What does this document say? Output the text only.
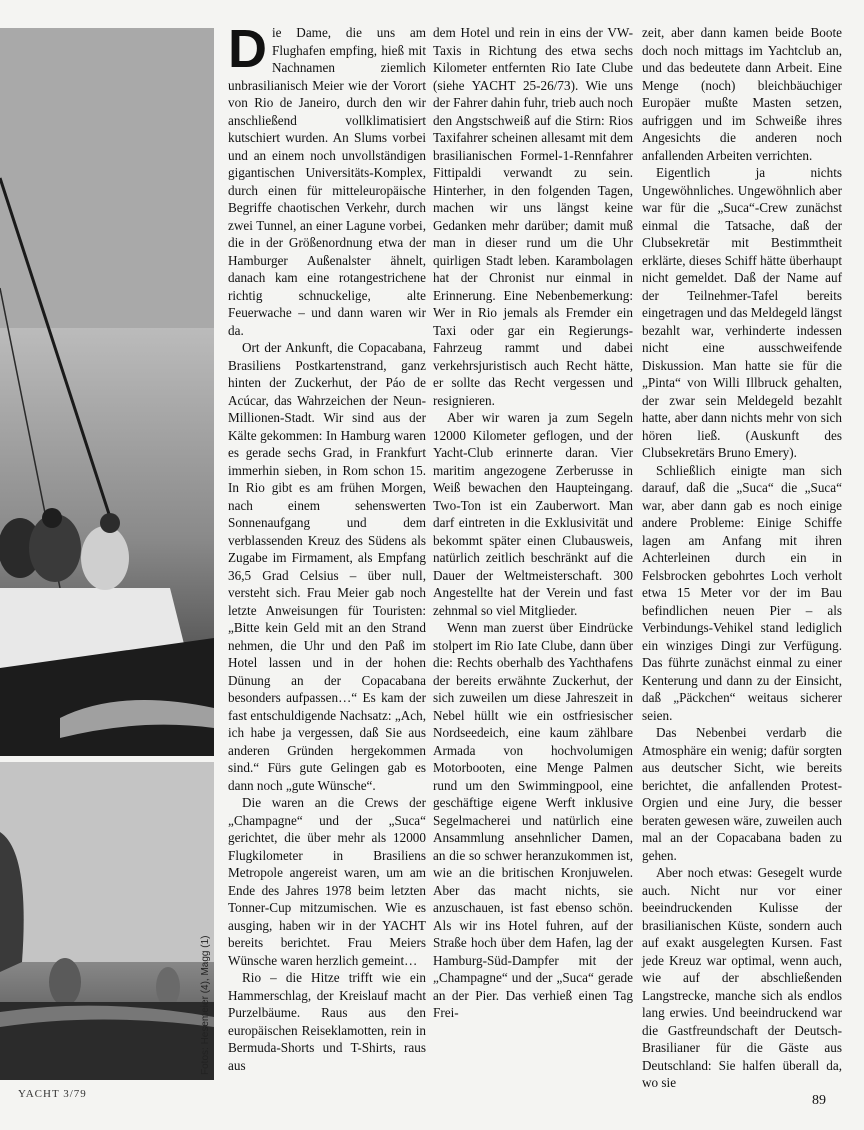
Fotos: Hesemeier (4), Magg (1)

Die Dame, die uns am Flughafen empfing, hieß mit Nachnamen ziemlich unbrasilianisch Meier wie der Vorort von Rio de Janeiro, durch den wir anschließend vollklimatisiert kutschiert wurden. An Slums vorbei und an einem noch unvollständigen gigantischen Universitäts-Komplex, durch einen für mitteleuropäische Begriffe chaotischen Verkehr, durch zwei Tunnel, an einer Lagune vorbei, die in der Größenordnung etwa der Hamburger Außenalster ähnelt, danach kam eine rotangestrichene richtig schnuckelige, alte Feuerwache – und dann waren wir da.

Ort der Ankunft, die Copacabana, Brasiliens Postkartenstrand, ganz hinten der Zuckerhut, der Páo de Acúcar, das Wahrzeichen der Neun-Millionen-Stadt. Wir sind aus der Kälte gekommen: In Hamburg waren es gerade sechs Grad, in Frankfurt immerhin sieben, in Rom schon 15. In Rio gibt es am frühen Morgen, nach einem sehenswerten Sonnenaufgang und dem verblassenden Kreuz des Südens als Zugabe im Firmament, als Empfang 36,5 Grad Celsius – über null, versteht sich. Frau Meier gab noch letzte Anweisungen für Touristen: „Bitte kein Geld mit an den Strand nehmen, die Uhr und den Paß im Hotel lassen und in der hohen Dünung an der Copacabana besonders aufpassen…“ Es kam der fast entschuldigende Nachsatz: „Ach, ich habe ja vergessen, daß Sie aus anderen Gründen hergekommen sind.“ Fürs gute Gelingen gab es dann noch „gute Wünsche“.

Die waren an die Crews der „Champagne“ und der „Suca“ gerichtet, die über mehr als 12000 Flugkilometer in Brasiliens Metropole angereist waren, um am Ende des Jahres 1978 beim letzten Tonner-Cup mitzumischen. Wie es ausging, haben wir in der YACHT bereits berichtet. Frau Meiers Wünsche waren herzlich gemeint…

Rio – die Hitze trifft wie ein Hammerschlag, der Kreislauf macht Purzelbäume. Raus aus den europäischen Reiseklamotten, rein in Bermuda-Shorts und T-Shirts, raus aus

dem Hotel und rein in eins der VW-Taxis in Richtung des etwa sechs Kilometer entfernten Rio Iate Clube (siehe YACHT 25-26/73). Wie uns der Fahrer dahin fuhr, trieb auch noch den Angstschweiß auf die Stirn: Rios Taxifahrer scheinen allesamt mit dem brasilianischen Formel-1-Rennfahrer Fittipaldi verwandt zu sein. Hinterher, in den folgenden Tagen, machen wir uns längst keine Gedanken mehr darüber; damit muß man in dieser rund um die Uhr quirligen Stadt leben. Karambolagen hat der Chronist nur einmal in Erinnerung. Eine Nebenbemerkung: Wer in Rio jemals als Fremder ein Taxi oder gar ein Regierungs-Fahrzeug rammt und dabei verkehrsjuristisch auch Recht hätte, er sollte das Recht vergessen und resignieren.

Aber wir waren ja zum Segeln 12000 Kilometer geflogen, und der Yacht-Club erinnerte daran. Vier maritim angezogene Zerberusse in Weiß bewachen den Haupteingang. Two-Ton ist ein Zauberwort. Man darf eintreten in die Exklusivität und bekommt später einen Clubausweis, natürlich zeitlich beschränkt auf die Dauer der Weltmeisterschaft. 300 Angestellte hat der Verein und fast zehnmal so viel Mitglieder.

Wenn man zuerst über Eindrücke stolpert im Rio Iate Clube, dann über die: Rechts oberhalb des Yachthafens der bereits erwähnte Zuckerhut, der sich zuweilen um diese Jahreszeit in Nebel hüllt wie ein ostfriesischer Nordseedeich, eine kaum zählbare Armada von hochvolumigen Motorbooten, eine Menge Palmen rund um den Swimmingpool, eine geschäftige eigene Werft inklusive Segelmacherei und natürlich eine Ansammlung ansehnlicher Damen, an die so schwer heranzukommen ist, wie an die britischen Kronjuwelen. Aber das macht nichts, sie anzuschauen, ist fast ebenso schön. Als wir ins Hotel fuhren, auf der Straße hoch über dem Hafen, lag der Hamburg-Süd-Dampfer mit der „Champagne“ und der „Suca“ gerade an der Pier. Das verhieß einen Tag Frei-

zeit, aber dann kamen beide Boote doch noch mittags im Yachtclub an, und das bedeutete dann Arbeit. Eine Menge (noch) bleichbäuchiger Europäer mußte Masten setzen, aufriggen und im Schweiße ihres Angesichts die anderen noch anfallenden Arbeiten verrichten.

Eigentlich ja nichts Ungewöhnliches. Ungewöhnlich aber war für die „Suca“-Crew zunächst einmal die Tatsache, daß der Clubsekretär mit Bestimmtheit erklärte, dieses Schiff hätte überhaupt nicht gemeldet. Daß der Name auf der Teilnehmer-Tafel bereits eingetragen und das Meldegeld längst bezahlt war, verhinderte indessen nicht eine ausschweifende Diskussion. Man hatte sie für die „Pinta“ von Willi Illbruck gehalten, der zwar sein Meldegeld bezahlt hatte, aber dann nichts mehr von sich hören ließ. (Auskunft des Clubsekretärs Bruno Emery).

Schließlich einigte man sich darauf, daß die „Suca“ die „Suca“ war, aber dann gab es noch einige andere Probleme: Einige Schiffe lagen am Anfang mit ihren Achterleinen durch ein in Felsbrocken gebohrtes Loch verholt etwa 15 Meter vor der im Bau befindlichen neuen Pier – als Verbindungs-Vehikel stand lediglich ein winziges Dingi zur Verfügung. Das führte zunächst einmal zu einer Kenterung und dann zu der Einsicht, daß „Päckchen“ weitaus sicherer seien.

Das Nebenbei verdarb die Atmosphäre ein wenig; dafür sorgten aus deutscher Sicht, wie bereits berichtet, die anfallenden Protest-Orgien und eine Jury, die besser beraten gewesen wäre, zuweilen auch mal an der Copacabana baden zu gehen.

Aber noch etwas: Gesegelt wurde auch. Nicht nur vor einer beeindruckenden Kulisse der brasilianischen Küste, sondern auch auf exakt ausgelegten Kursen. Fast jede Kreuz war optimal, wenn auch, wie auf der abschließenden Langstrecke, manche sich als endlos lang erwies. Und beeindruckend war die Gastfreundschaft der Deutsch-Brasilianer für die Gäste aus Deutschland: Sie halfen überall da, wo sie

YACHT 3/79	89
